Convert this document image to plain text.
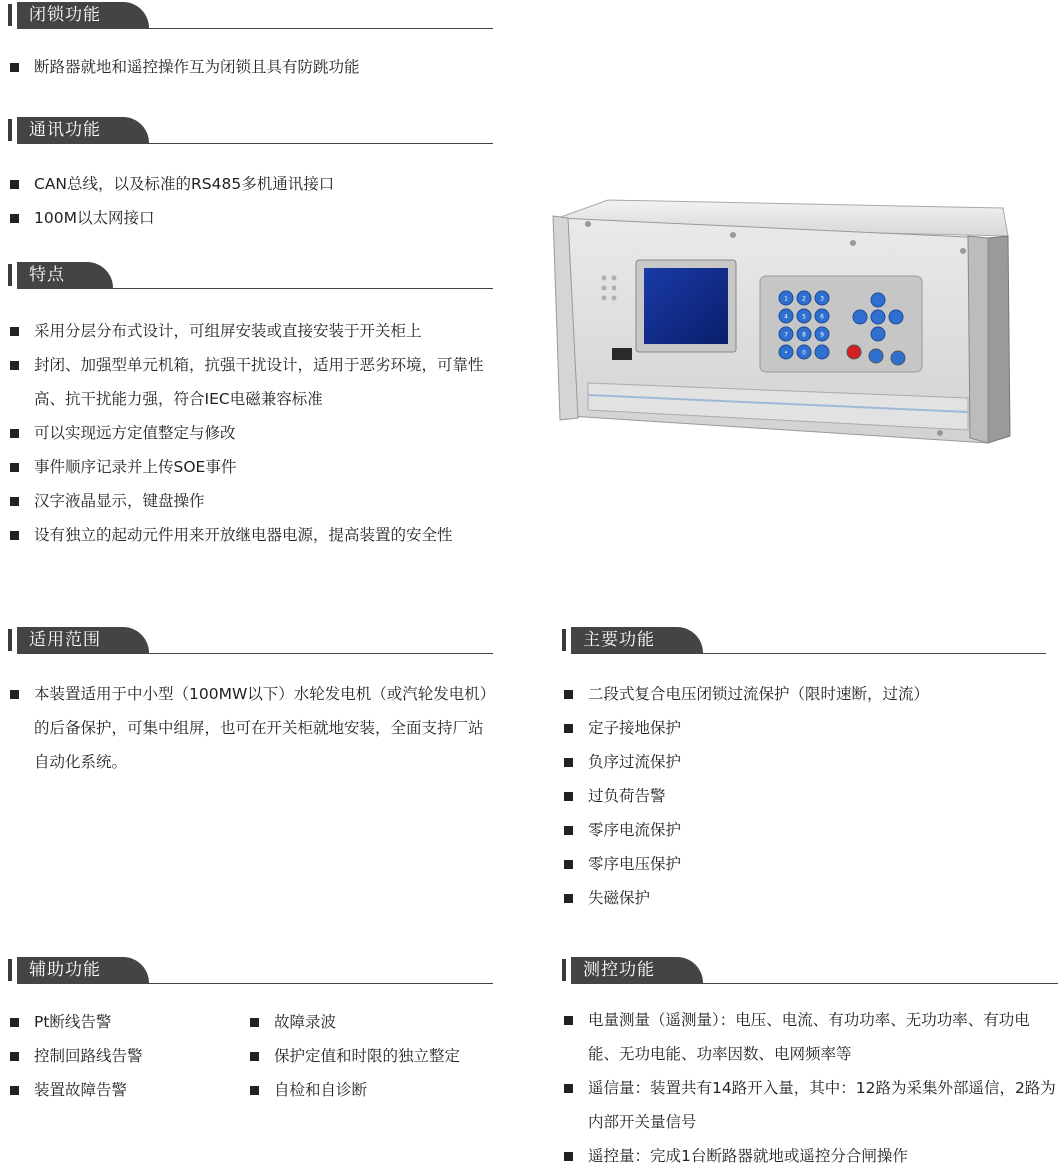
闭锁功能
断路器就地和遥控操作互为闭锁且具有防跳功能
通讯功能
CAN总线，以及标准的RS485多机通讯接口
100M以太网接口
特点
采用分层分布式设计，可组屏安装或直接安装于开关柜上
封闭、加强型单元机箱，抗强干扰设计，适用于恶劣环境，可靠性高、抗干扰能力强，符合IEC电磁兼容标准
可以实现远方定值整定与修改
事件顺序记录并上传SOE事件
汉字液晶显示，键盘操作
设有独立的起动元件用来开放继电器电源，提高装置的安全性

1 2 3
4 5 6
7 8 9
• 0
适用范围
本装置适用于中小型（100MW以下）水轮发电机（或汽轮发电机）的后备保护，可集中组屏，也可在开关柜就地安装，全面支持厂站自动化系统。
主要功能
二段式复合电压闭锁过流保护（限时速断，过流）
定子接地保护
负序过流保护
过负荷告警
零序电流保护
零序电压保护
失磁保护
辅助功能
Pt断线告警
控制回路线告警
装置故障告警
故障录波
保护定值和时限的独立整定
自检和自诊断
测控功能
电量测量（遥测量）：电压、电流、有功功率、无功功率、有功电能、无功电能、功率因数、电网频率等
遥信量：装置共有14路开入量，其中：12路为采集外部遥信，2路为内部开关量信号
遥控量：完成1台断路器就地或遥控分合闸操作
